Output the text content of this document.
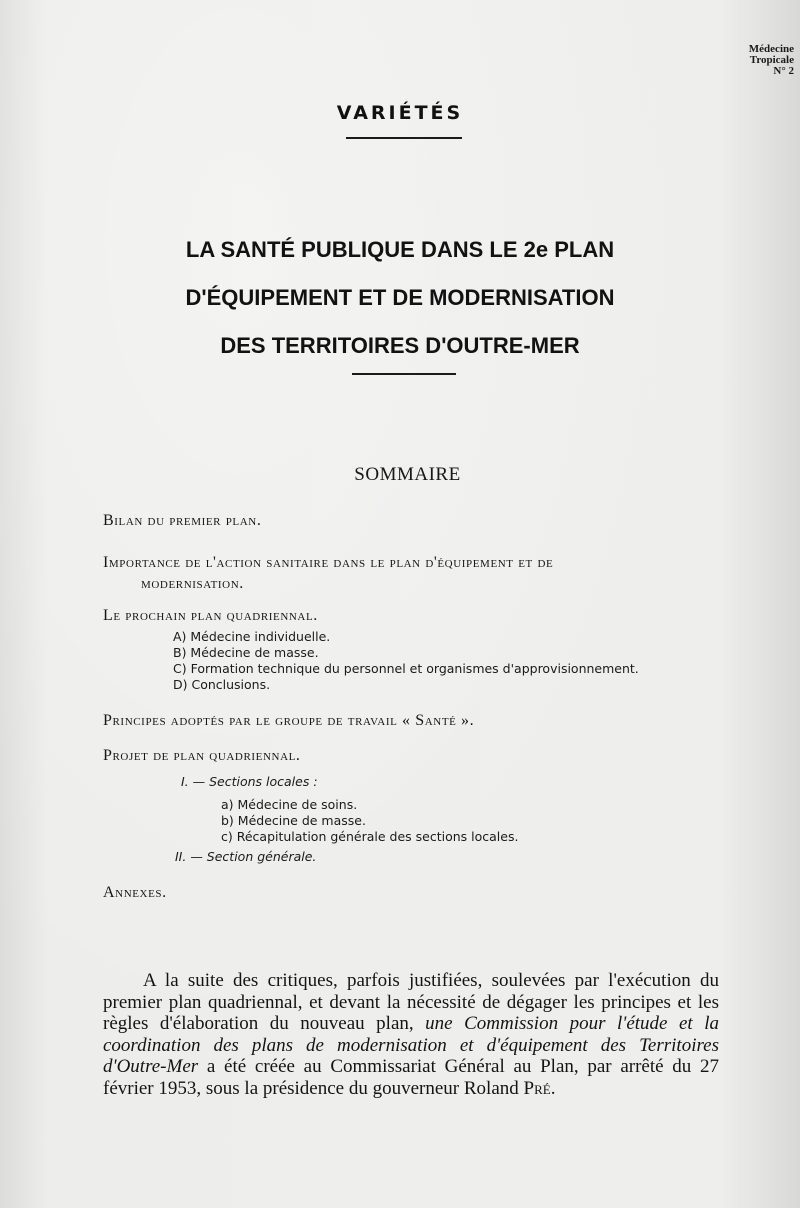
Médecine
Tropicale
N° 2
VARIÉTÉS
LA SANTÉ PUBLIQUE DANS LE 2e PLAN
D'ÉQUIPEMENT ET DE MODERNISATION
DES TERRITOIRES D'OUTRE-MER
SOMMAIRE
Bilan du premier plan.
Importance de l'action sanitaire dans le plan d'équipement et de
modernisation.
Le prochain plan quadriennal.
A) Médecine individuelle.
B) Médecine de masse.
C) Formation technique du personnel et organismes d'approvisionnement.
D) Conclusions.
Principes adoptés par le groupe de travail « Santé ».
Projet de plan quadriennal.
I. — Sections locales :
a) Médecine de soins.
b) Médecine de masse.
c) Récapitulation générale des sections locales.
II. — Section générale.
Annexes.

A la suite des critiques, parfois justifiées, soulevées par l'exécution du premier plan quadriennal, et devant la nécessité de dégager les principes et les règles d'élaboration du nouveau plan, une Commission pour l'étude et la coordination des plans de modernisation et d'équipement des Territoires d'Outre-Mer a été créée au Commissariat Général au Plan, par arrêté du 27 février 1953, sous la présidence du gouverneur Roland Pré.
